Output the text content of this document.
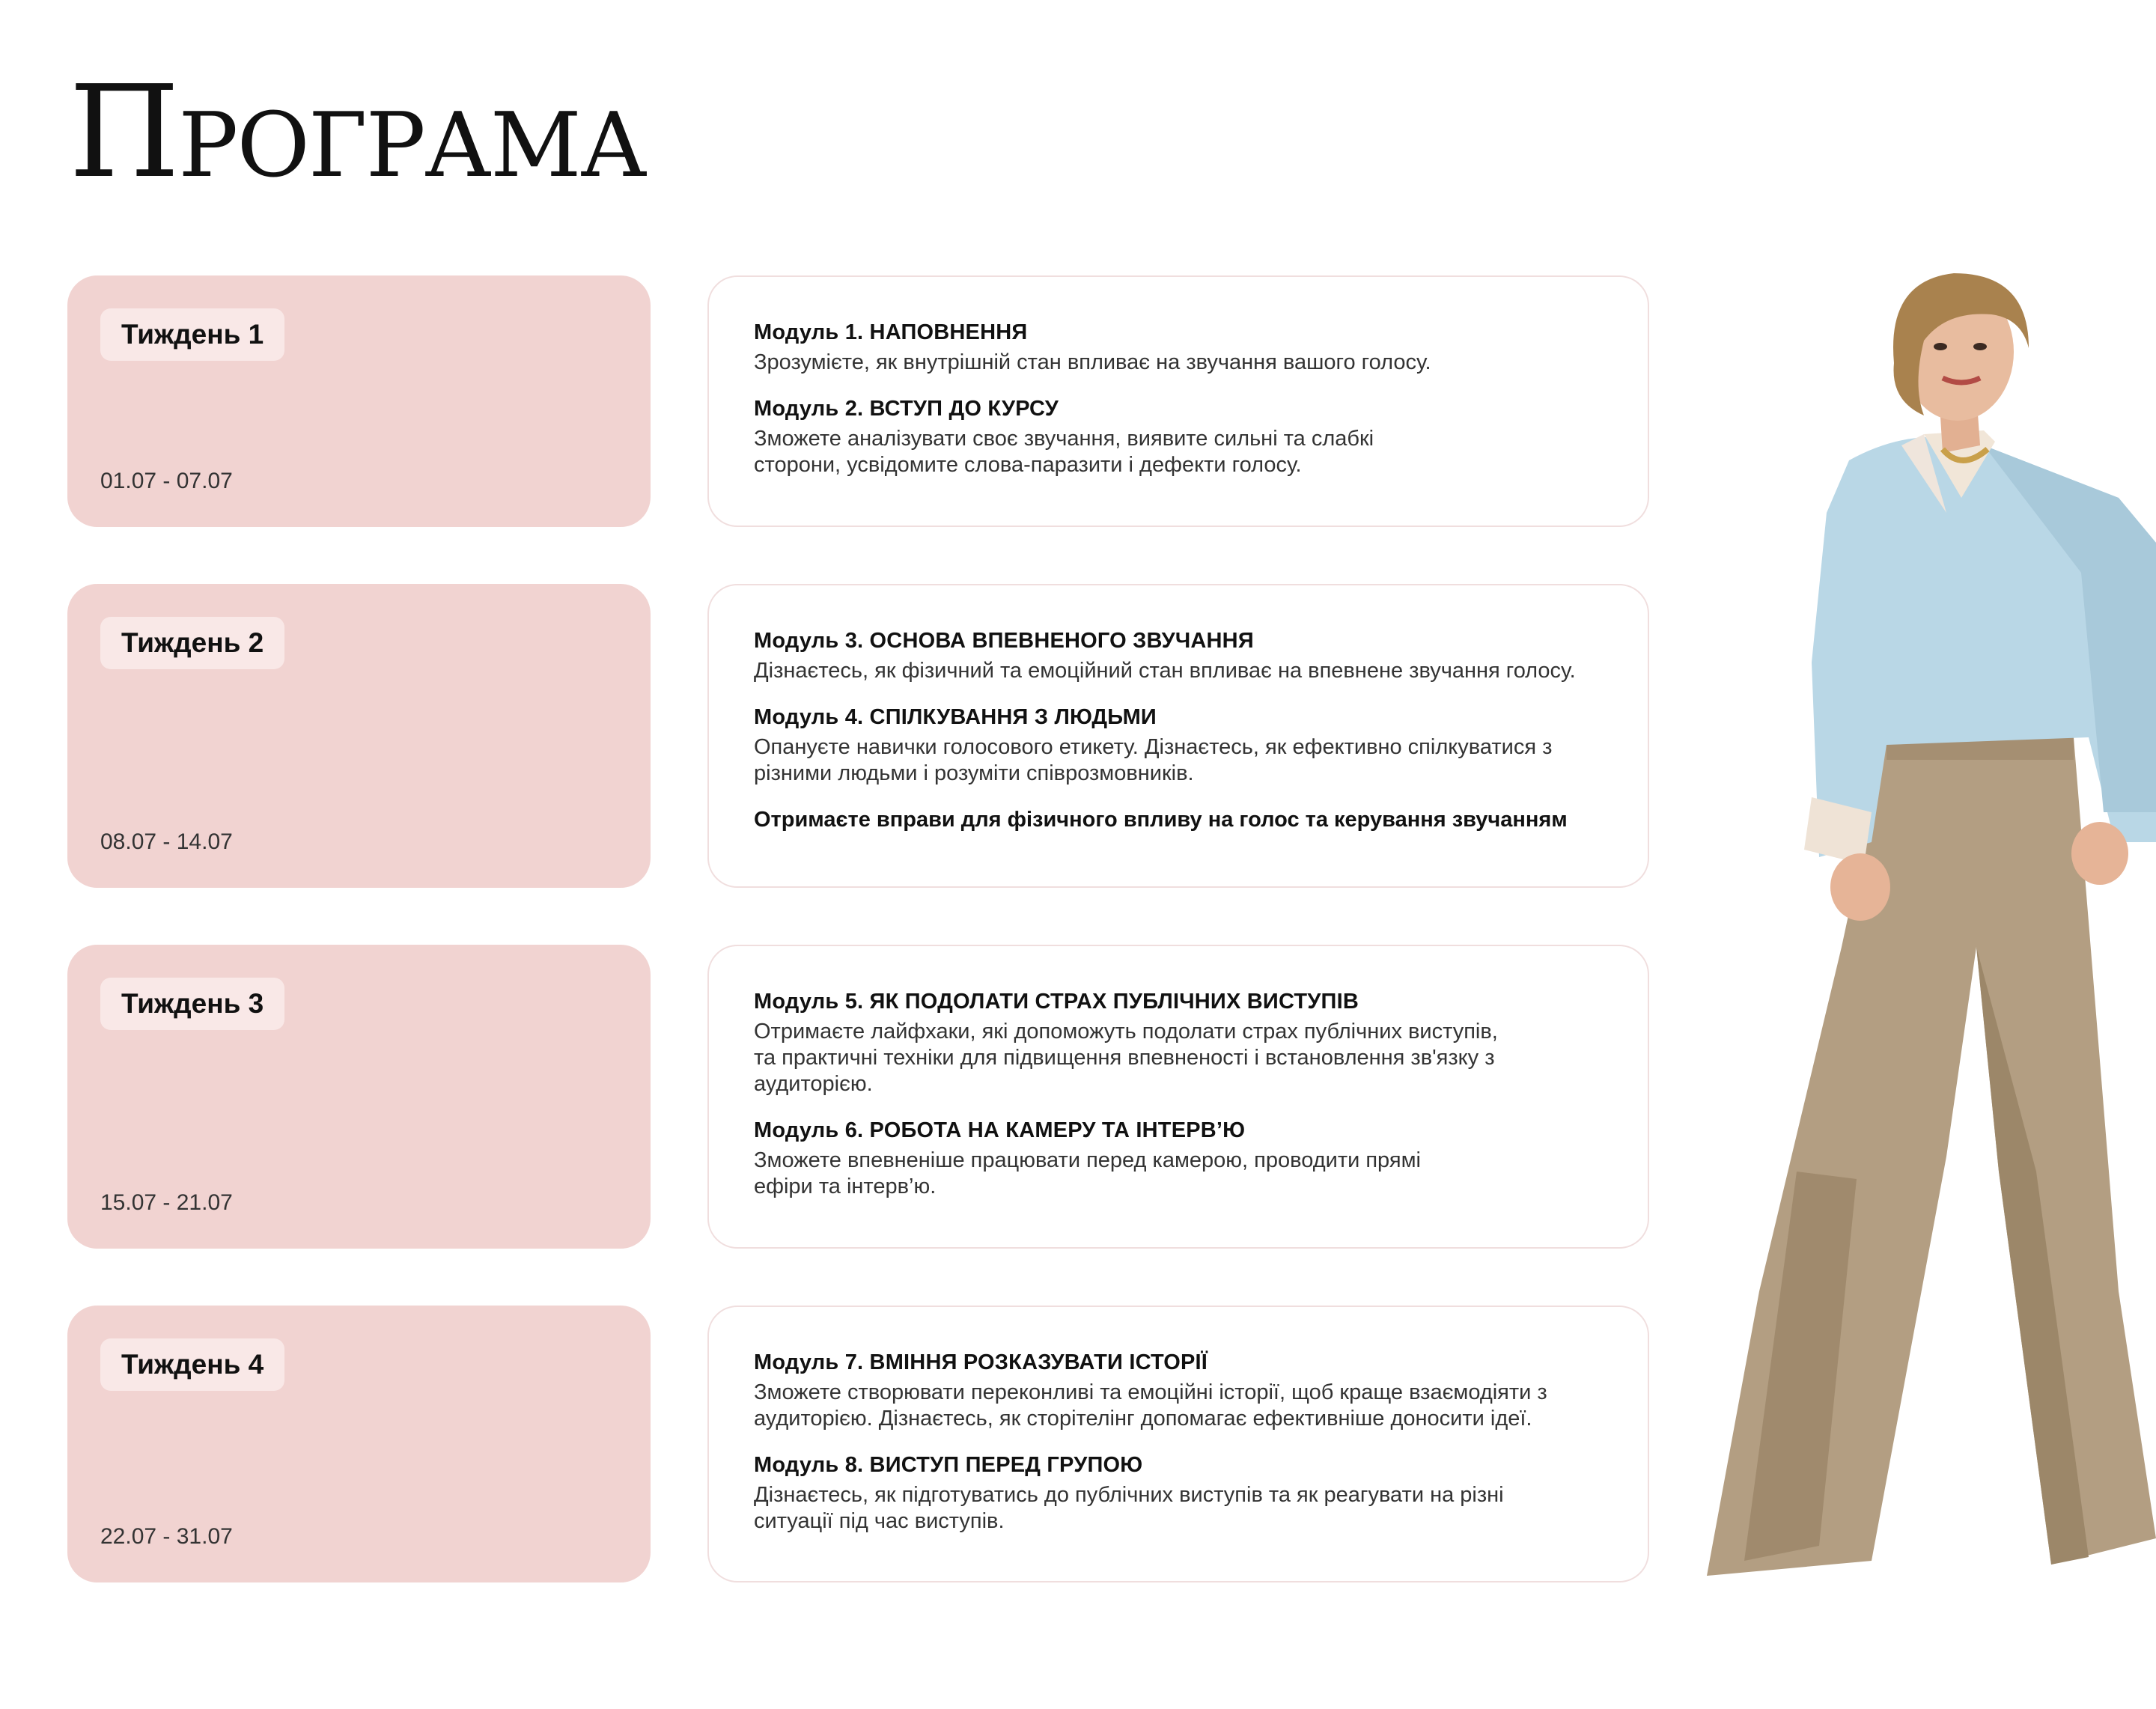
Програма
Тиждень 1
01.07 - 07.07
Модуль 1. НАПОВНЕННЯ
Зрозумієте, як внутрішній стан впливає на звучання вашого голосу.
Модуль 2. ВСТУП ДО КУРСУ
Зможете аналізувати своє звучання, виявите сильні та слабкі сторони, усвідомите слова-паразити і дефекти голосу.
Тиждень 2
08.07 - 14.07
Модуль 3. ОСНОВА ВПЕВНЕНОГО ЗВУЧАННЯ
Дізнаєтесь, як фізичний та емоційний стан впливає на впевнене звучання голосу.
Модуль 4. СПІЛКУВАННЯ З ЛЮДЬМИ
Опануєте навички голосового етикету. Дізнаєтесь, як ефективно спілкуватися з різними людьми і розуміти співрозмовників.
Отримаєте вправи для фізичного впливу на голос та керування звучанням
Тиждень 3
15.07 - 21.07
Модуль 5. ЯК ПОДОЛАТИ СТРАХ ПУБЛІЧНИХ ВИСТУПІВ
Отримаєте лайфхаки, які допоможуть подолати страх публічних виступів, та практичні техніки для підвищення впевненості і встановлення зв'язку з аудиторією.
Модуль 6. РОБОТА НА КАМЕРУ ТА ІНТЕРВ’Ю
Зможете впевненіше працювати перед камерою, проводити прямі ефіри та інтерв’ю.
Тиждень 4
22.07 - 31.07
Модуль 7. ВМІННЯ РОЗКАЗУВАТИ ІСТОРІЇ
Зможете створювати переконливі та емоційні історії, щоб краще взаємодіяти з аудиторією. Дізнаєтесь, як сторітелінг допомагає ефективніше доносити ідеї.
Модуль 8. ВИСТУП ПЕРЕД ГРУПОЮ
Дізнаєтесь, як підготуватись до публічних виступів та як реагувати на різні ситуації під час виступів.
